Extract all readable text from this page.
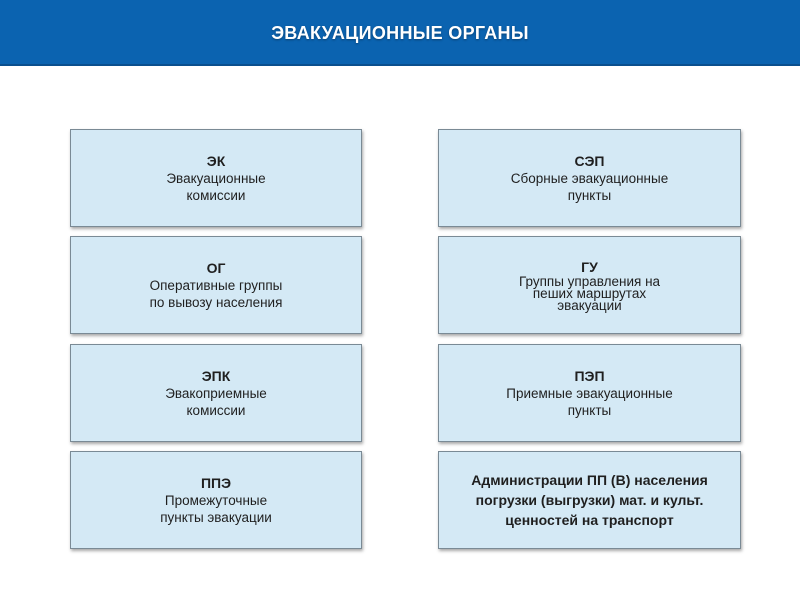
ЭВАКУАЦИОННЫЕ ОРГАНЫ
ЭК
Эвакуационные
комиссии
ОГ
Оперативные группы
по вывозу населения
ЭПК
Эвакоприемные
комиссии
ППЭ
Промежуточные
пункты эвакуации
СЭП
Сборные эвакуационные
пункты
ГУ
Группы управления на
пеших маршрутах
эвакуации
ПЭП
Приемные эвакуационные
пункты
Администрации ПП (В) населения
погрузки (выгрузки) мат. и культ.
ценностей на транспорт
